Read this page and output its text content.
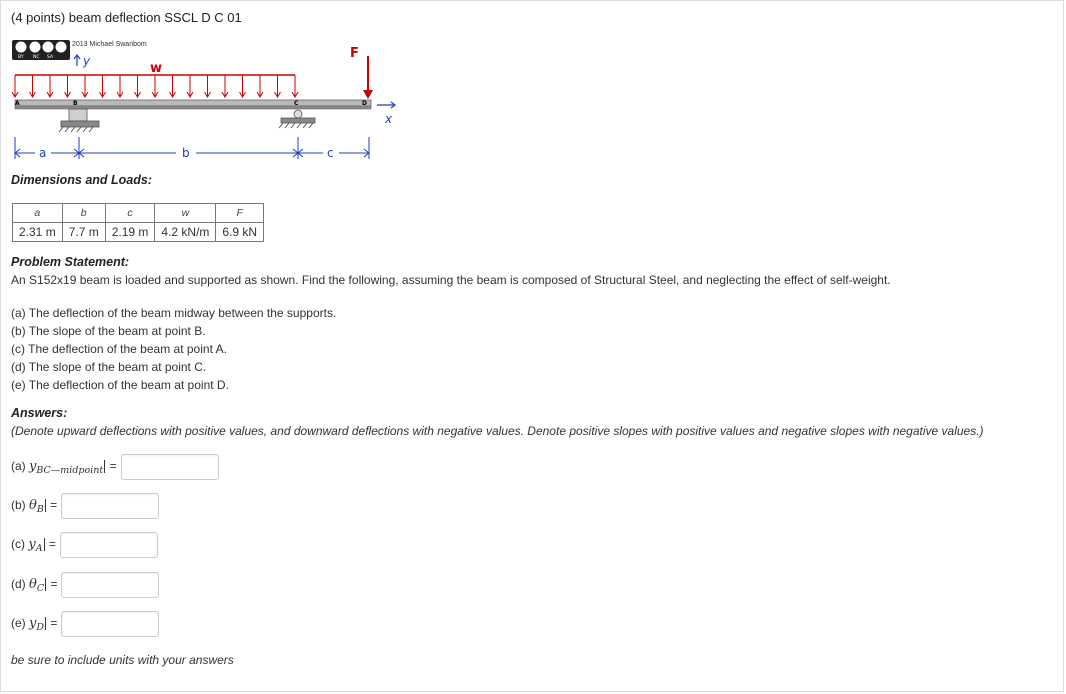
(4 points) beam deflection SSCL D C 01
BY NC SA
2013 Michael Swanbom
y	w
F
A	B	C	D
x
a	b	c
Dimensions and Loads:
a	b	c	w	F
2.31 m	7.7 m	2.19 m	4.2 kN/m	6.9 kN
Problem Statement:
An S152x19 beam is loaded and supported as shown. Find the following, assuming the beam is composed of Structural Steel, and neglecting the effect of self-weight.
(a) The deflection of the beam midway between the supports.
(b) The slope of the beam at point B.
(c) The deflection of the beam at point A.
(d) The slope of the beam at point C.
(e) The deflection of the beam at point D.
Answers:
(Denote upward deflections with positive values, and downward deflections with negative values. Denote positive slopes with positive values and negative slopes with negative values.)
(a) $y_{BC—midpoint}$ =
(b) $\theta_B$ =
(c) $y_A$ =
(d) $\theta_C$ =
(e) $y_D$ =
be sure to include units with your answers
